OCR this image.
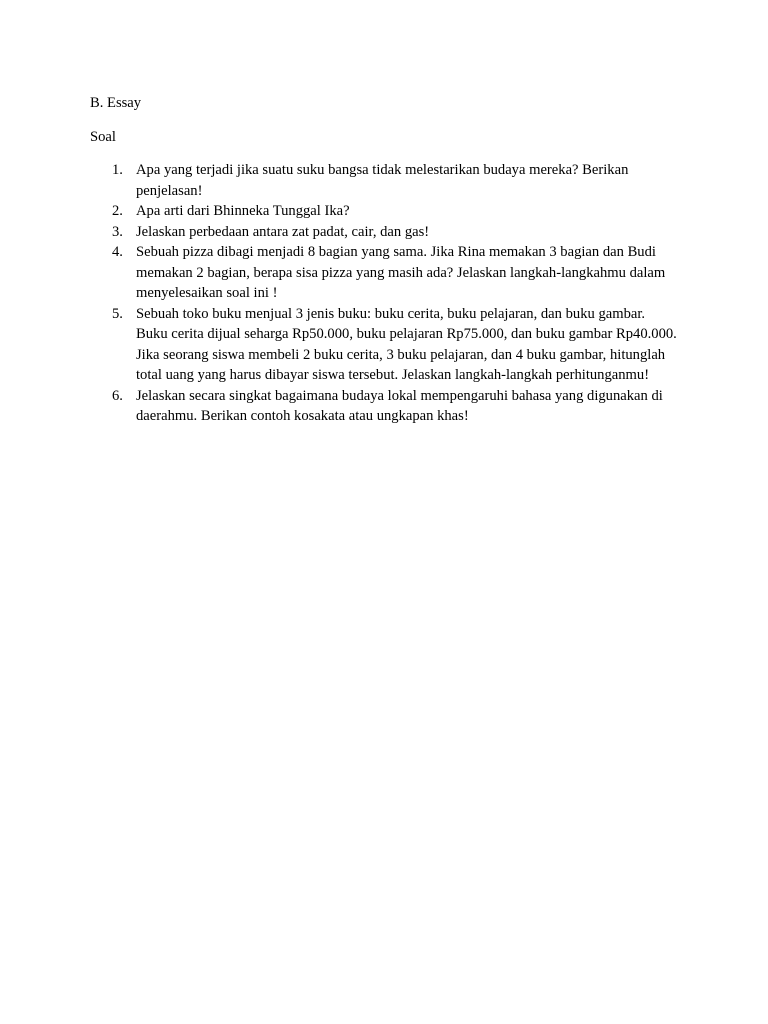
B. Essay

Soal

1. Apa yang terjadi jika suatu suku bangsa tidak melestarikan budaya mereka? Berikan penjelasan!
2. Apa arti dari Bhinneka Tunggal Ika?
3. Jelaskan perbedaan antara zat padat, cair, dan gas!
4. Sebuah pizza dibagi menjadi 8 bagian yang sama. Jika Rina memakan 3 bagian dan Budi memakan 2 bagian, berapa sisa pizza yang masih ada? Jelaskan langkah-langkahmu dalam menyelesaikan soal ini !
5. Sebuah toko buku menjual 3 jenis buku: buku cerita, buku pelajaran, dan buku gambar. Buku cerita dijual seharga Rp50.000, buku pelajaran Rp75.000, dan buku gambar Rp40.000. Jika seorang siswa membeli 2 buku cerita, 3 buku pelajaran, dan 4 buku gambar, hitunglah total uang yang harus dibayar siswa tersebut. Jelaskan langkah-langkah perhitunganmu!
6. Jelaskan secara singkat bagaimana budaya lokal mempengaruhi bahasa yang digunakan di daerahmu. Berikan contoh kosakata atau ungkapan khas!
